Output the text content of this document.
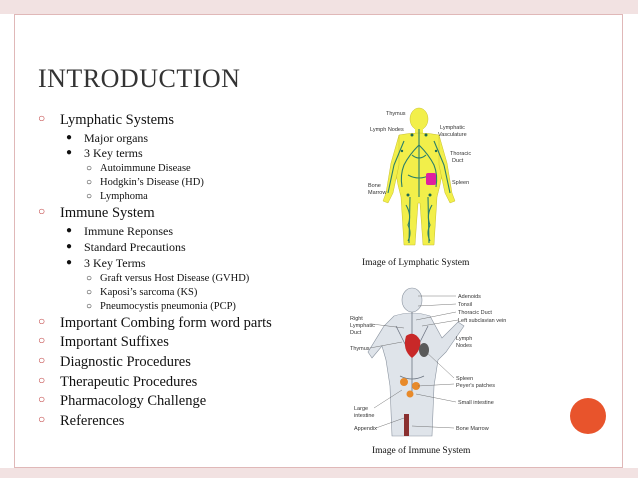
INTRODUCTION
○ Lymphatic Systems
● Major organs
● 3 Key terms
○ Autoimmune Disease
○ Hodgkin’s Disease (HD)
○ Lymphoma
○ Immune System
● Immune Reponses
● Standard Precautions
● 3 Key Terms
○ Graft versus Host Disease (GVHD)
○ Kaposi’s sarcoma (KS)
○ Pneumocystis pneumonia (PCP)
○ Important Combing form word parts
○ Important Suffixes
○ Diagnostic Procedures
○ Therapeutic Procedures
○ Pharmacology Challenge
○ References
Thymus
Lymph Nodes	Lymphatic
Vasculature
Thoracic
Duct
Spleen
Bone
Marrow
Image of Lymphatic System
Adenoids
Tonsil
Thoracic Duct
Left subclavian vein
Right
Lymphatic
Duct
Thymus
Lymph
Nodes
Spleen
Peyer's patches
Small intestine
Large
intestine
Appendix	Bone Marrow
Image of Immune System
